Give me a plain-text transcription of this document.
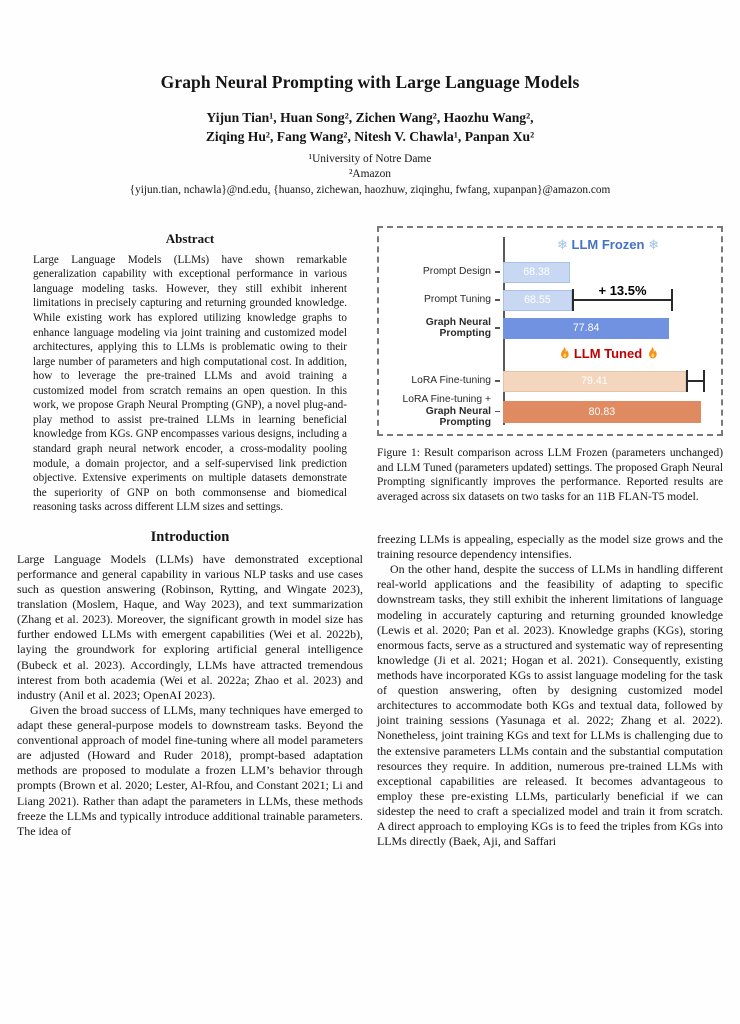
Graph Neural Prompting with Large Language Models
Yijun Tian¹, Huan Song², Zichen Wang², Haozhu Wang²,
Ziqing Hu², Fang Wang², Nitesh V. Chawla¹, Panpan Xu²
¹University of Notre Dame
²Amazon
{yijun.tian, nchawla}@nd.edu, {huanso, zichewan, haozhuw, ziqinghu, fwfang, xupanpan}@amazon.com
Abstract
Large Language Models (LLMs) have shown remarkable generalization capability with exceptional performance in various language modeling tasks. However, they still exhibit inherent limitations in precisely capturing and returning grounded knowledge. While existing work has explored utilizing knowledge graphs to enhance language modeling via joint training and customized model architectures, applying this to LLMs is problematic owing to their large number of parameters and high computational cost. In addition, how to leverage the pre-trained LLMs and avoid training a customized model from scratch remains an open question. In this work, we propose Graph Neural Prompting (GNP), a novel plug-and-play method to assist pre-trained LLMs in learning beneficial knowledge from KGs. GNP encompasses various designs, including a standard graph neural network encoder, a cross-modality pooling module, a domain projector, and a self-supervised link prediction objective. Extensive experiments on multiple datasets demonstrate the superiority of GNP on both commonsense and biomedical reasoning tasks across different LLM sizes and settings.
Introduction

Large Language Models (LLMs) have demonstrated exceptional performance and general capability in various NLP tasks and use cases such as question answering (Robinson, Rytting, and Wingate 2023), translation (Moslem, Haque, and Way 2023), and text summarization (Zhang et al. 2023). Moreover, the significant growth in model size has further endowed LLMs with emergent capabilities (Wei et al. 2022b), laying the groundwork for exploring artificial general intelligence (Bubeck et al. 2023). Accordingly, LLMs have attracted tremendous interest from both academia (Wei et al. 2022a; Zhao et al. 2023) and industry (Anil et al. 2023; OpenAI 2023).

Given the broad success of LLMs, many techniques have emerged to adapt these general-purpose models to downstream tasks. Beyond the conventional approach of model fine-tuning where all model parameters are adjusted (Howard and Ruder 2018), prompt-based adaptation methods are proposed to modulate a frozen LLM’s behavior through prompts (Brown et al. 2020; Lester, Al-Rfou, and Constant 2021; Li and Liang 2021). Rather than adapt the parameters in LLMs, these methods freeze the LLMs and typically introduce additional trainable parameters. The idea of

❄ LLM Frozen ❄
Prompt Design	68.38
Prompt Tuning	68.55
+ 13.5%
Graph Neural Prompting	77.84
LLM Tuned
LoRA Fine-tuning	79.41
LoRA Fine-tuning +
Graph Neural Prompting
80.83

Figure 1: Result comparison across LLM Frozen (parameters unchanged) and LLM Tuned (parameters updated) settings. The proposed Graph Neural Prompting significantly improves the performance. Reported results are averaged across six datasets on two tasks for an 11B FLAN-T5 model.

freezing LLMs is appealing, especially as the model size grows and the training resource dependency intensifies.

On the other hand, despite the success of LLMs in handling different real-world applications and the feasibility of adapting to specific downstream tasks, they still exhibit the inherent limitations of language modeling in accurately capturing and returning grounded knowledge (Lewis et al. 2020; Pan et al. 2023). Knowledge graphs (KGs), storing enormous facts, serve as a structured and systematic way of representing knowledge (Ji et al. 2021; Hogan et al. 2021). Consequently, existing methods have incorporated KGs to assist language modeling for the task of question answering, often by designing customized model architectures to accommodate both KGs and textual data, followed by joint training sessions (Yasunaga et al. 2022; Zhang et al. 2022). Nonetheless, joint training KGs and text for LLMs is challenging due to the extensive parameters LLMs contain and the substantial computation resources they require. In addition, numerous pre-trained LLMs with exceptional capabilities are released. It becomes advantageous to employ these pre-existing LLMs, particularly beneficial if we can sidestep the need to craft a specialized model and train it from scratch. A direct approach to employing KGs is to feed the triples from KGs into LLMs directly (Baek, Aji, and Saffari
